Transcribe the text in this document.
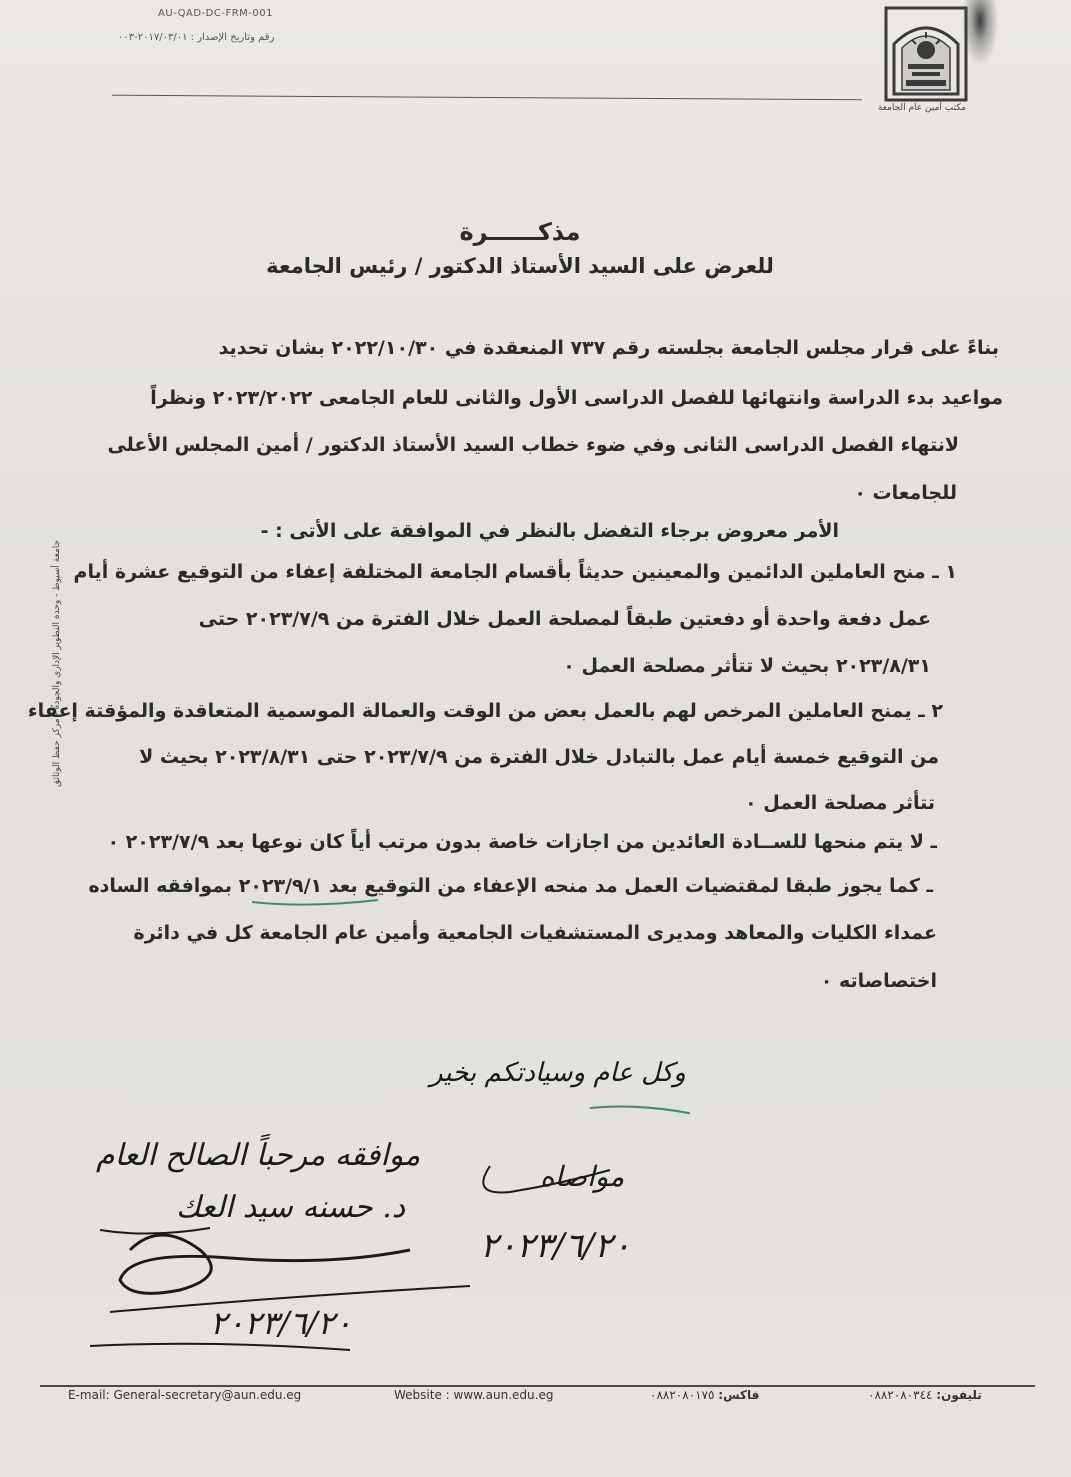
AU-QAD-DC-FRM-001
رقم وتاريخ الإصدار : ٢٠١٧/٠٣/٠١-٠٠٣
مكتب أمين عام الجامعة
مذكــــــرة
للعرض على السيد الأستاذ الدكتور / رئيس الجامعة
بناءً على قرار مجلس الجامعة بجلسته رقم ٧٣٧ المنعقدة في ٢٠٢٢/١٠/٣٠ بشان تحديد
مواعيد بدء الدراسة وانتهائها للفصل الدراسى الأول والثانى للعام الجامعى ٢٠٢٣/٢٠٢٢ ونظراً
لانتهاء الفصل الدراسى الثانى وفي ضوء خطاب السيد الأستاذ الدكتور / أمين المجلس الأعلى
للجامعات ٠
الأمر معروض برجاء التفضل بالنظر في الموافقة على الأتى : -
١ ـ منح العاملين الدائمين والمعينين حديثاً بأقسام الجامعة المختلفة إعفاء من التوقيع عشرة أيام
عمل دفعة واحدة أو دفعتين طبقاً لمصلحة العمل خلال الفترة من ٢٠٢٣/٧/٩ حتى
٢٠٢٣/٨/٣١ بحيث لا تتأثر مصلحة العمل ٠
٢ ـ يمنح العاملين المرخص لهم بالعمل بعض من الوقت والعمالة الموسمية المتعاقدة والمؤقتة إعفاء
من التوقيع خمسة أيام عمل بالتبادل خلال الفترة من ٢٠٢٣/٧/٩ حتى ٢٠٢٣/٨/٣١ بحيث لا
تتأثر مصلحة العمل ٠
ـ لا يتم منحها للســادة العائدين من اجازات خاصة بدون مرتب أياً كان نوعها بعد ٢٠٢٣/٧/٩ ٠
ـ كما يجوز طبقا لمقتضيات العمل مد منحه الإعفاء من التوقيع بعد ٢٠٢٣/٩/١ بموافقه الساده
عمداء الكليات والمعاهد ومديرى المستشفيات الجامعية وأمين عام الجامعة كل في دائرة
اختصاصاته ٠
جامعة أسيوط - وحدة التطوير الإداري والجودة - مركز حفظ الوثائق
وكل عام وسيادتكم بخير
مواصاه
٢٠٢٣/٦/٢٠
موافقه مرحباً الصالح العام
د. حسنه سيد العك
٢٠٢٣/٦/٢٠
E-mail: General-secretary@aun.edu.eg	Website : www.aun.edu.eg	فاكس: ٠٨٨٢٠٨٠١٧٥	تليفون: ٠٨٨٢٠٨٠٣٤٤
